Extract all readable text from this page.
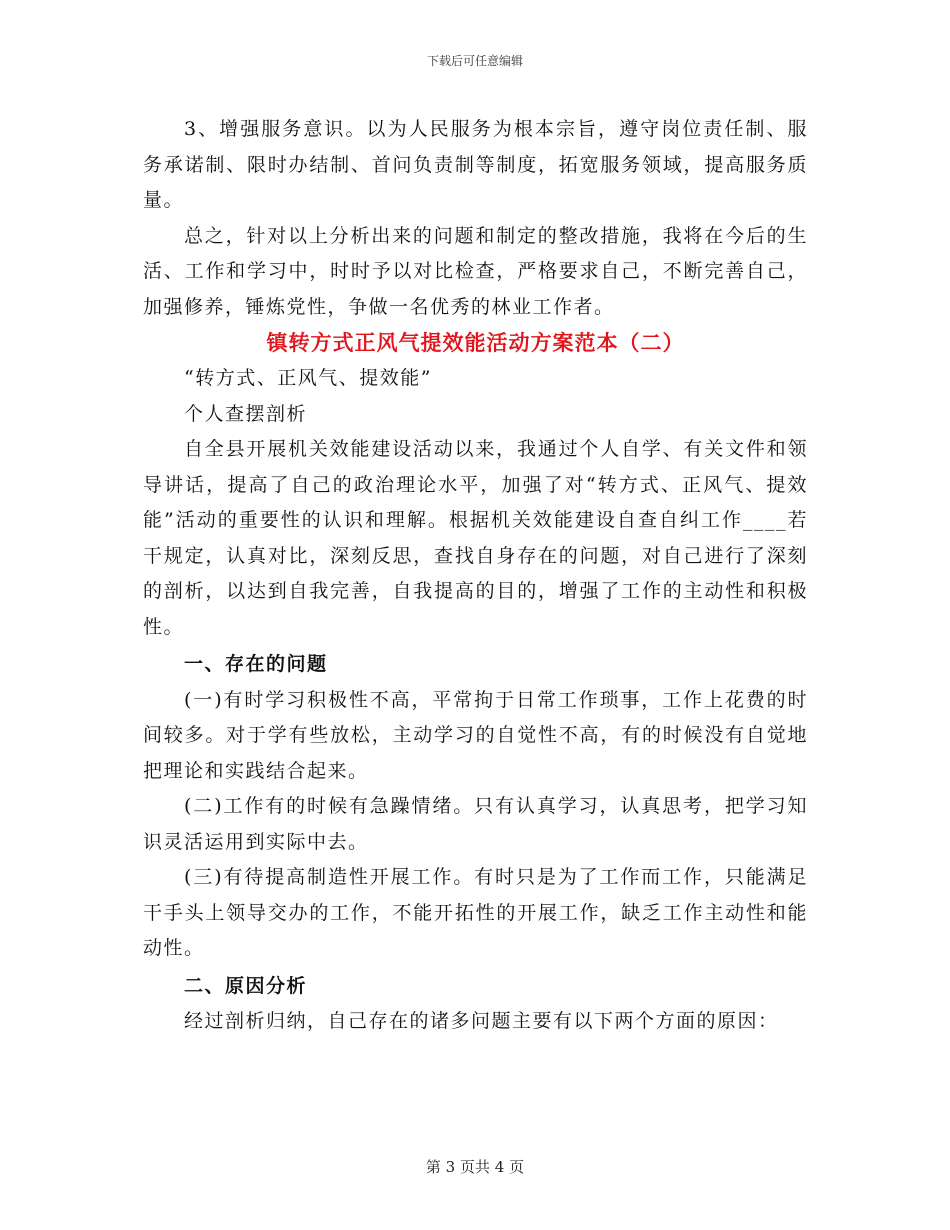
下载后可任意编辑

3、增强服务意识。以为人民服务为根本宗旨，遵守岗位责任制、服务承诺制、限时办结制、首问负责制等制度，拓宽服务领域，提高服务质量。

总之，针对以上分析出来的问题和制定的整改措施，我将在今后的生活、工作和学习中，时时予以对比检查，严格要求自己，不断完善自己，加强修养，锤炼党性，争做一名优秀的林业工作者。

镇转方式正风气提效能活动方案范本（二）

“转方式、正风气、提效能”

个人查摆剖析

自全县开展机关效能建设活动以来，我通过个人自学、有关文件和领导讲话，提高了自己的政治理论水平，加强了对“转方式、正风气、提效能”活动的重要性的认识和理解。根据机关效能建设自查自纠工作____若干规定，认真对比，深刻反思，查找自身存在的问题，对自己进行了深刻的剖析，以达到自我完善，自我提高的目的，增强了工作的主动性和积极性。

一、存在的问题

(一)有时学习积极性不高，平常拘于日常工作琐事，工作上花费的时间较多。对于学有些放松，主动学习的自觉性不高，有的时候没有自觉地把理论和实践结合起来。

(二)工作有的时候有急躁情绪。只有认真学习，认真思考，把学习知识灵活运用到实际中去。

(三)有待提高制造性开展工作。有时只是为了工作而工作，只能满足干手头上领导交办的工作，不能开拓性的开展工作，缺乏工作主动性和能动性。

二、原因分析

经过剖析归纳，自己存在的诸多问题主要有以下两个方面的原因：

第 3 页共 4 页
